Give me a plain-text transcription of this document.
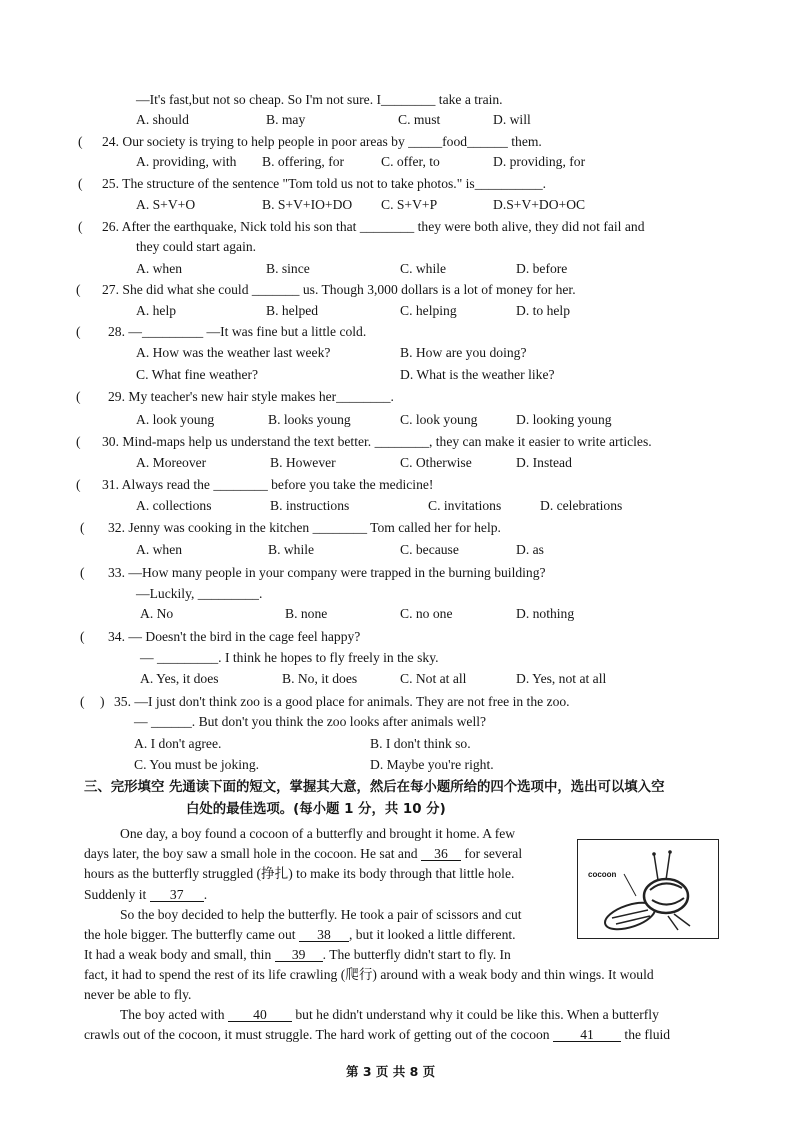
—It's fast,but not so cheap. So I'm not sure. I________ take a train.
A. should	B. may	C. must	D. will
( 24. Our society is trying to help people in poor areas by _____food______ them.
A. providing, with B. offering, for	C. offer, to	D. providing, for
( 25. The structure of the sentence "Tom told us not to take photos." is__________.
A. S+V+O	B. S+V+IO+DO C. S+V+P	D.S+V+DO+OC
( 26. After the earthquake, Nick told his son that ________ they were both alive, they did not fail and
they could start again.
A. when	B. since	C. while	D. before
( 27. She did what she could _______ us. Though 3,000 dollars is a lot of money for her.
A. help	B. helped	C. helping	D. to help
( 28. —_________ —It was fine but a little cold.
A. How was the weather last week?	B. How are you doing?
C. What fine weather?	D. What is the weather like?
( 29. My teacher's new hair style makes her________.
A. look young	B. looks young	C. look young	D. looking young
( 30. Mind-maps help us understand the text better. ________, they can make it easier to write articles.
A. Moreover	B. However	C. Otherwise	D. Instead
( 31. Always read the ________ before you take the medicine!
A. collections	B. instructions	C. invitations	D. celebrations
( 32. Jenny was cooking in the kitchen ________ Tom called her for help.
A. when	B. while	C. because	D. as
( 33. —How many people in your company were trapped in the burning building?
—Luckily, _________.
A. No	B. none	C. no one	D. nothing
( 34. — Doesn't the bird in the cage feel happy?
— _________. I think he hopes to fly freely in the sky.
A. Yes, it does	B. No, it does	C. Not at all	D. Yes, not at all
( ) 35. —I just don't think zoo is a good place for animals. They are not free in the zoo.
— ______. But don't you think the zoo looks after animals well?
A. I don't agree.	B. I don't think so.
C. You must be joking.	D. Maybe you're right.
三、完形填空 先通读下面的短文，掌握其大意，然后在每小题所给的四个选项中，选出可以填入空
白处的最佳选项。(每小题 1 分，共 10 分)
One day, a boy found a cocoon of a butterfly and brought it home. A few
days later, the boy saw a small hole in the cocoon. He sat and 36 for several
hours as the butterfly struggled (挣扎) to make its body through that little hole.
Suddenly it 37 .
So the boy decided to help the butterfly. He took a pair of scissors and cut
the hole bigger. The butterfly came out 38 , but it looked a little different.
It had a weak body and small, thin 39 . The butterfly didn't start to fly. In
fact, it had to spend the rest of its life crawling (爬行) around with a weak body and thin wings. It would
never be able to fly.
The boy acted with 40 but he didn't understand why it could be like this. When a butterfly
crawls out of the cocoon, it must struggle. The hard work of getting out of the cocoon 41 the fluid
cocoon
第 3 页 共 8 页
